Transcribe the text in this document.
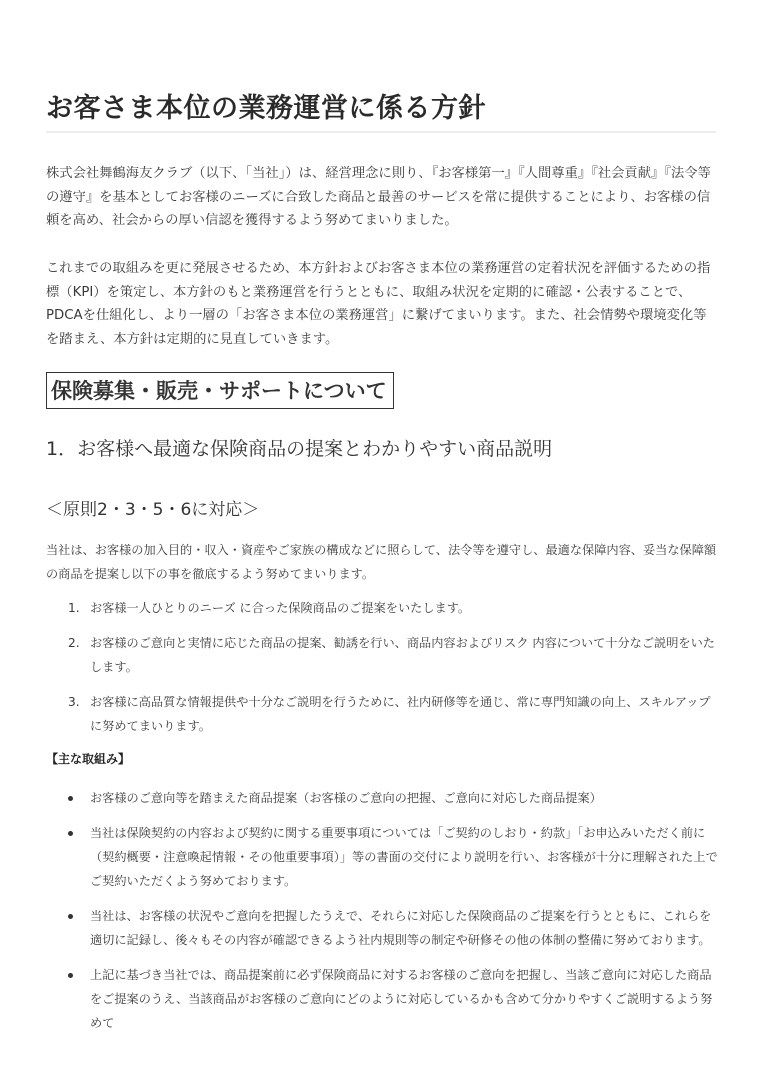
お客さま本位の業務運営に係る方針

株式会社舞鶴海友クラブ（以下、「当社」）は、経営理念に則り、『お客様第一』『人間尊重』『社会貢献』『法令等の遵守』を基本としてお客様のニーズに合致した商品と最善のサービスを常に提供することにより、お客様の信頼を高め、社会からの厚い信認を獲得するよう努めてまいりました。

これまでの取組みを更に発展させるため、本方針およびお客さま本位の業務運営の定着状況を評価するための指標（KPI）を策定し、本方針のもと業務運営を行うとともに、取組み状況を定期的に確認・公表することで、PDCAを仕組化し、より一層の「お客さま本位の業務運営」に繋げてまいります。また、社会情勢や環境変化等を踏まえ、本方針は定期的に見直していきます。

保険募集・販売・サポートについて
1．お客様へ最適な保険商品の提案とわかりやすい商品説明
＜原則2・3・5・6に対応＞

当社は、お客様の加入目的・収入・資産やご家族の構成などに照らして、法令等を遵守し、最適な保障内容、妥当な保障額の商品を提案し以下の事を徹底するよう努めてまいります。

1. お客様一人ひとりのニーズ に合った保険商品のご提案をいたします。
2. お客様のご意向と実情に応じた商品の提案、勧誘を行い、商品内容およびリスク 内容について十分なご説明をいたします。
3. お客様に高品質な情報提供や十分なご説明を行うために、社内研修等を通じ、常に専門知識の向上、スキルアップに努めてまいります。

【主な取組み】

お客様のご意向等を踏まえた商品提案（お客様のご意向の把握、ご意向に対応した商品提案）
当社は保険契約の内容および契約に関する重要事項については「ご契約のしおり・約款」「お申込みいただく前に（契約概要・注意喚起情報・その他重要事項）」等の書面の交付により説明を行い、お客様が十分に理解された上でご契約いただくよう努めております。
当社は、お客様の状況やご意向を把握したうえで、それらに対応した保険商品のご提案を行うとともに、これらを適切に記録し、後々もその内容が確認できるよう社内規則等の制定や研修その他の体制の整備に努めております。
上記に基づき当社では、商品提案前に必ず保険商品に対するお客様のご意向を把握し、当該ご意向に対応した商品をご提案のうえ、当該商品がお客様のご意向にどのように対応しているかも含めて分かりやすくご説明するよう努めて
